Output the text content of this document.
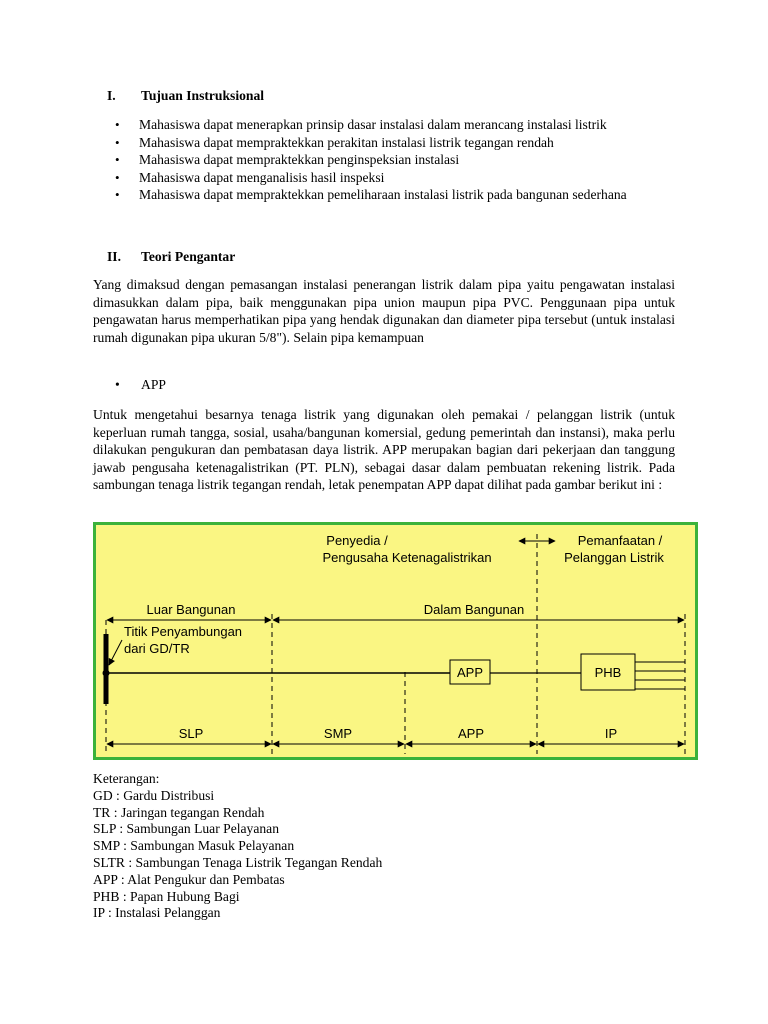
I. Tujuan Instruksional
• Mahasiswa dapat menerapkan prinsip dasar instalasi dalam merancang instalasi listrik
• Mahasiswa dapat mempraktekkan perakitan instalasi listrik tegangan rendah
• Mahasiswa dapat mempraktekkan penginspeksian instalasi
• Mahasiswa dapat menganalisis hasil inspeksi
• Mahasiswa dapat mempraktekkan pemeliharaan instalasi listrik pada bangunan sederhana
II. Teori Pengantar

Yang dimaksud dengan pemasangan instalasi penerangan listrik dalam pipa yaitu pengawatan instalasi dimasukkan dalam pipa, baik menggunakan pipa union maupun pipa PVC. Penggunaan pipa untuk pengawatan harus memperhatikan pipa yang hendak digunakan dan diameter pipa tersebut (untuk instalasi rumah digunakan pipa ukuran 5/8"). Selain pipa kemampuan

• APP

Untuk mengetahui besarnya tenaga listrik yang digunakan oleh pemakai / pelanggan listrik (untuk keperluan rumah tangga, sosial, usaha/bangunan komersial, gedung pemerintah dan instansi), maka perlu dilakukan pengukuran dan pembatasan daya listrik. APP merupakan bagian dari pekerjaan dan tanggung jawab pengusaha ketenagalistrikan (PT. PLN), sebagai dasar dalam pembuatan rekening listrik. Pada sambungan tenaga listrik tegangan rendah, letak penempatan APP dapat dilihat pada gambar berikut ini :

Penyedia /
Pengusaha Ketenagalistrikan
Pemanfaatan /
Pelanggan Listrik
Luar Bangunan	Dalam Bangunan
Titik Penyambungan
dari GD/TR
APP	PHB
SLP	SMP	APP	IP
Keterangan:
GD : Gardu Distribusi
TR : Jaringan tegangan Rendah
SLP : Sambungan Luar Pelayanan
SMP : Sambungan Masuk Pelayanan
SLTR : Sambungan Tenaga Listrik Tegangan Rendah
APP : Alat Pengukur dan Pembatas
PHB : Papan Hubung Bagi
IP : Instalasi Pelanggan
